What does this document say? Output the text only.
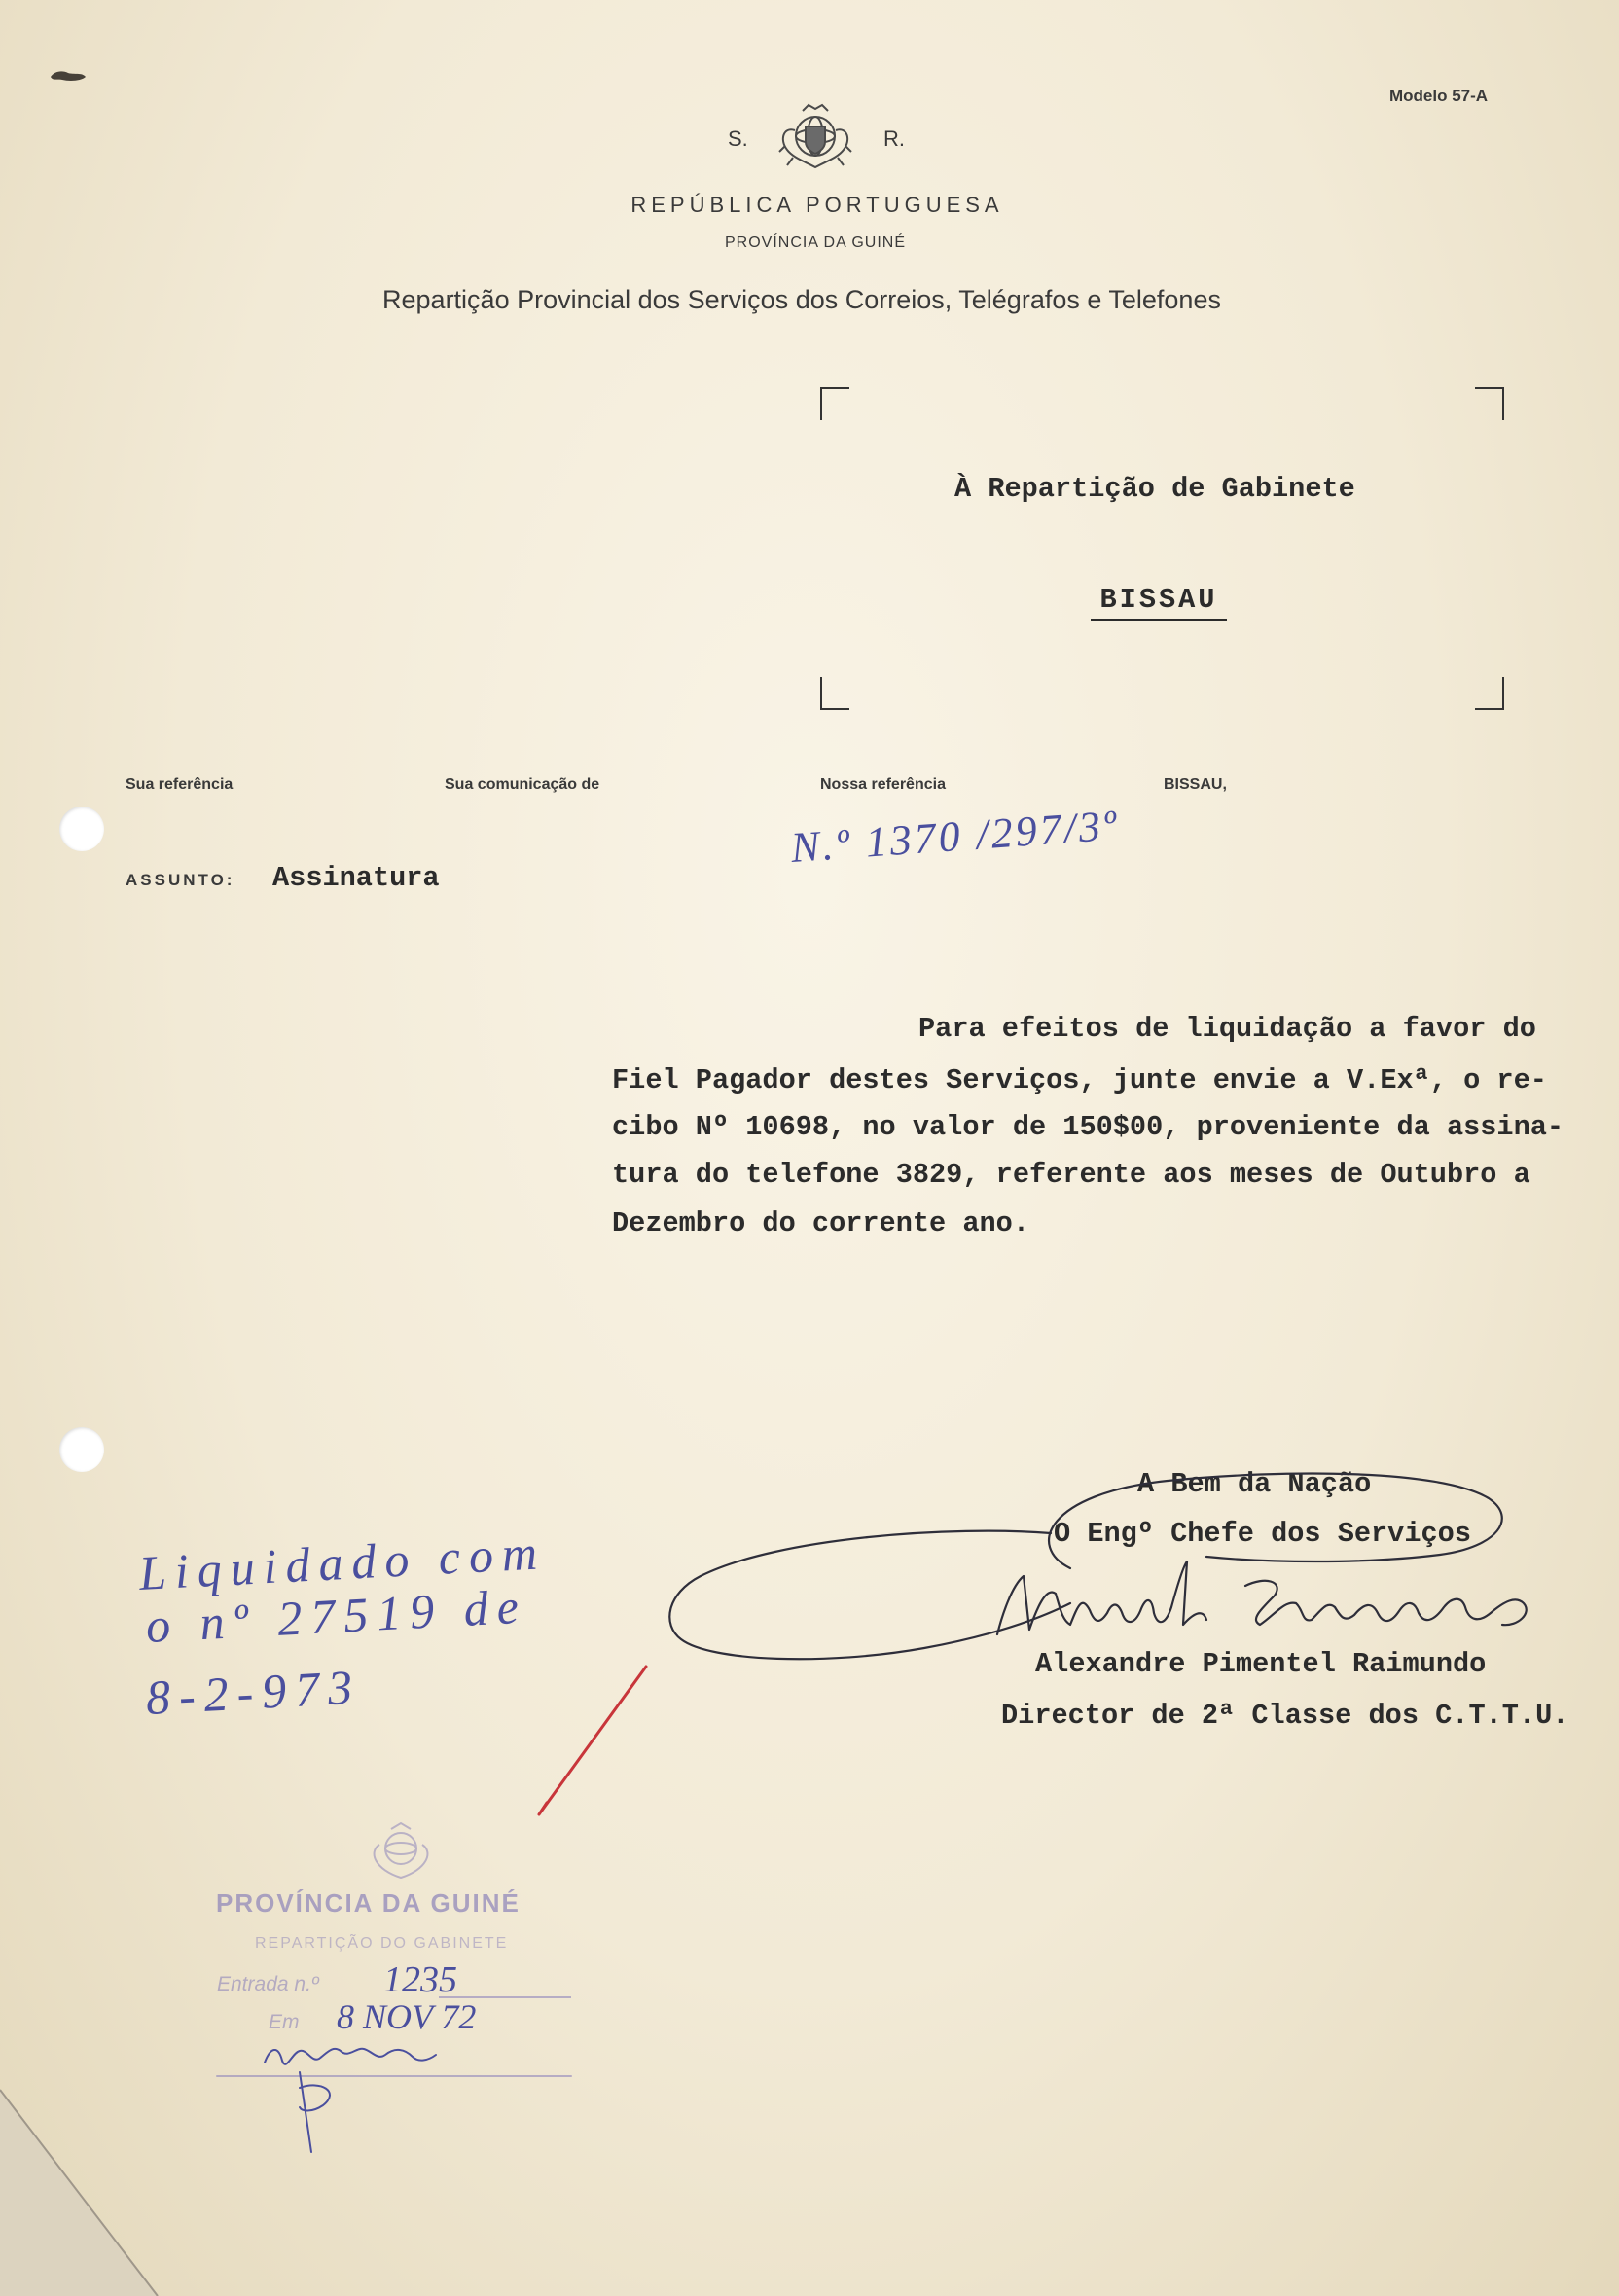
Modelo 57-A
S.	R.
REPÚBLICA PORTUGUESA
PROVÍNCIA DA GUINÉ
Repartição Provincial dos Serviços dos Correios, Telégrafos e Telefones
À Repartição de Gabinete
BISSAU
Sua referência	Sua comunicação de	Nossa referência	BISSAU,
N.º 1370 /297/3º
ASSUNTO: Assinatura
Para efeitos de liquidação a favor do
Fiel Pagador destes Serviços, junte envie a V.Exª, o re-
cibo Nº 10698, no valor de 150$00, proveniente da assina-
tura do telefone 3829, referente aos meses de Outubro a
Dezembro do corrente ano.
A Bem da Nação
O Engº Chefe dos Serviços
Alexandre Pimentel Raimundo
Director de 2ª Classe dos C.T.T.U.
Liquidado com
o nº 27519 de
8-2-973
PROVÍNCIA DA GUINÉ
REPARTIÇÃO DO GABINETE
Entrada n.º 1235
Em 8 NOV 72
